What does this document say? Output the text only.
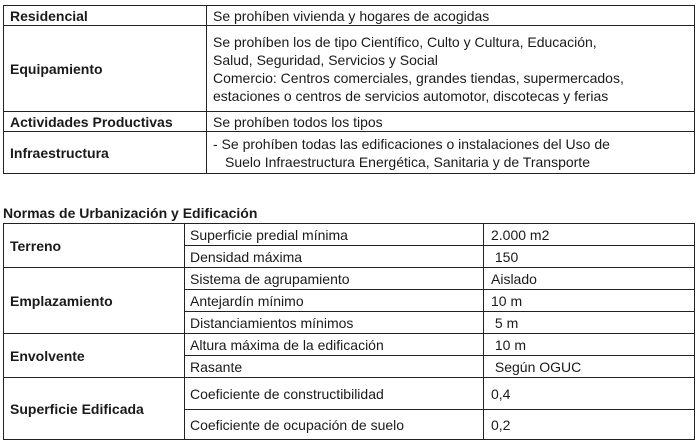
Residencial	Se prohíben vivienda y hogares de acogidas

Equipamiento	Se prohíben los de tipo Científico, Culto y Cultura, Educación,
Salud, Seguridad, Servicios y Social
Comercio: Centros comerciales, grandes tiendas, supermercados,
estaciones o centros de servicios automotor, discotecas y ferias

Actividades Productivas	Se prohíben todos los tipos

Infraestructura	- Se prohíben todas las edificaciones o instalaciones del Uso de
Suelo Infraestructura Energética, Sanitaria y de Transporte
Normas de Urbanización y Edificación
Terreno	Superficie predial mínima	2.000 m2
	Densidad máxima	150
Emplazamiento	Sistema de agrupamiento	Aislado
	Antejardín mínimo	10 m
	Distanciamientos mínimos	5 m
Envolvente	Altura máxima de la edificación	10 m
	Rasante	Según OGUC
Superficie Edificada	Coeficiente de constructibilidad	0,4
	Coeficiente de ocupación de suelo	0,2
